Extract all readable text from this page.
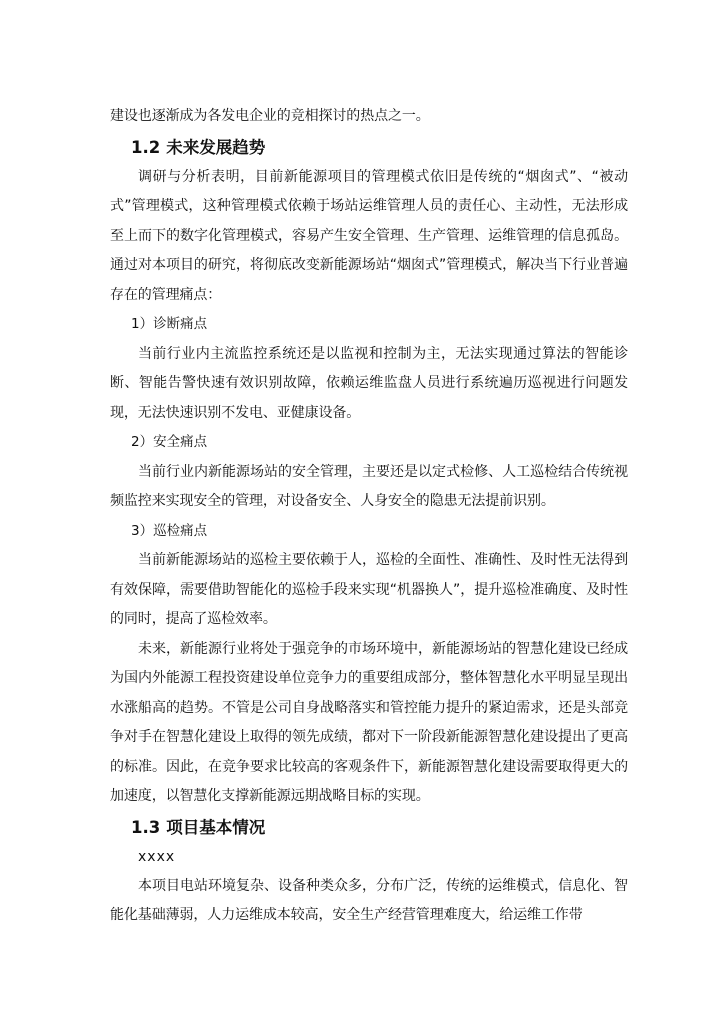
建设也逐渐成为各发电企业的竞相探讨的热点之一。

1.2 未来发展趋势

调研与分析表明，目前新能源项目的管理模式依旧是传统的“烟囱式”、“被动式”管理模式，这种管理模式依赖于场站运维管理人员的责任心、主动性，无法形成至上而下的数字化管理模式，容易产生安全管理、生产管理、运维管理的信息孤岛。通过对本项目的研究，将彻底改变新能源场站“烟囱式”管理模式，解决当下行业普遍存在的管理痛点：

1）诊断痛点

当前行业内主流监控系统还是以监视和控制为主，无法实现通过算法的智能诊断、智能告警快速有效识别故障，依赖运维监盘人员进行系统遍历巡视进行问题发现，无法快速识别不发电、亚健康设备。

2）安全痛点

当前行业内新能源场站的安全管理，主要还是以定式检修、人工巡检结合传统视频监控来实现安全的管理，对设备安全、人身安全的隐患无法提前识别。

3）巡检痛点

当前新能源场站的巡检主要依赖于人，巡检的全面性、准确性、及时性无法得到有效保障，需要借助智能化的巡检手段来实现“机器换人”，提升巡检准确度、及时性的同时，提高了巡检效率。

未来，新能源行业将处于强竞争的市场环境中，新能源场站的智慧化建设已经成为国内外能源工程投资建设单位竞争力的重要组成部分，整体智慧化水平明显呈现出水涨船高的趋势。不管是公司自身战略落实和管控能力提升的紧迫需求，还是头部竞争对手在智慧化建设上取得的领先成绩，都对下一阶段新能源智慧化建设提出了更高的标准。因此，在竞争要求比较高的客观条件下，新能源智慧化建设需要取得更大的加速度，以智慧化支撑新能源远期战略目标的实现。

1.3 项目基本情况

xxxx

本项目电站环境复杂、设备种类众多，分布广泛，传统的运维模式，信息化、智能化基础薄弱，人力运维成本较高，安全生产经营管理难度大，给运维工作带
